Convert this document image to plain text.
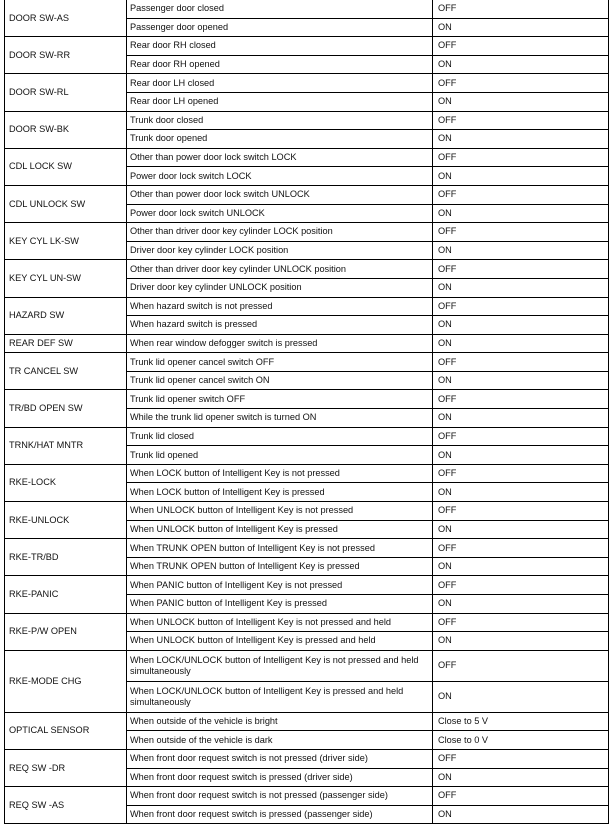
DOOR SW-AS	Passenger door closed	OFF
	Passenger door opened	ON
DOOR SW-RR	Rear door RH closed	OFF
	Rear door RH opened	ON
DOOR SW-RL	Rear door LH closed	OFF
	Rear door LH opened	ON
DOOR SW-BK	Trunk door closed	OFF
	Trunk door opened	ON
CDL LOCK SW	Other than power door lock switch LOCK	OFF
	Power door lock switch LOCK	ON
CDL UNLOCK SW	Other than power door lock switch UNLOCK	OFF
	Power door lock switch UNLOCK	ON
KEY CYL LK-SW	Other than driver door key cylinder LOCK position	OFF
	Driver door key cylinder LOCK position	ON
KEY CYL UN-SW	Other than driver door key cylinder UNLOCK position	OFF
	Driver door key cylinder UNLOCK position	ON
HAZARD SW	When hazard switch is not pressed	OFF
	When hazard switch is pressed	ON
REAR DEF SW	When rear window defogger switch is pressed	ON
TR CANCEL SW	Trunk lid opener cancel switch OFF	OFF
	Trunk lid opener cancel switch ON	ON
TR/BD OPEN SW	Trunk lid opener switch OFF	OFF
	While the trunk lid opener switch is turned ON	ON
TRNK/HAT MNTR	Trunk lid closed	OFF
	Trunk lid opened	ON
RKE-LOCK	When LOCK button of Intelligent Key is not pressed	OFF
	When LOCK button of Intelligent Key is pressed	ON
RKE-UNLOCK	When UNLOCK button of Intelligent Key is not pressed	OFF
	When UNLOCK button of Intelligent Key is pressed	ON
RKE-TR/BD	When TRUNK OPEN button of Intelligent Key is not pressed	OFF
	When TRUNK OPEN button of Intelligent Key is pressed	ON
RKE-PANIC	When PANIC button of Intelligent Key is not pressed	OFF
	When PANIC button of Intelligent Key is pressed	ON
RKE-P/W OPEN	When UNLOCK button of Intelligent Key is not pressed and held	OFF
	When UNLOCK button of Intelligent Key is pressed and held	ON
RKE-MODE CHG	When LOCK/UNLOCK button of Intelligent Key is not pressed and held simultaneously	OFF
	When LOCK/UNLOCK button of Intelligent Key is pressed and held simultaneously	ON
OPTICAL SENSOR	When outside of the vehicle is bright	Close to 5 V
	When outside of the vehicle is dark	Close to 0 V
REQ SW -DR	When front door request switch is not pressed (driver side)	OFF
	When front door request switch is pressed (driver side)	ON
REQ SW -AS	When front door request switch is not pressed (passenger side)	OFF
	When front door request switch is pressed (passenger side)	ON
